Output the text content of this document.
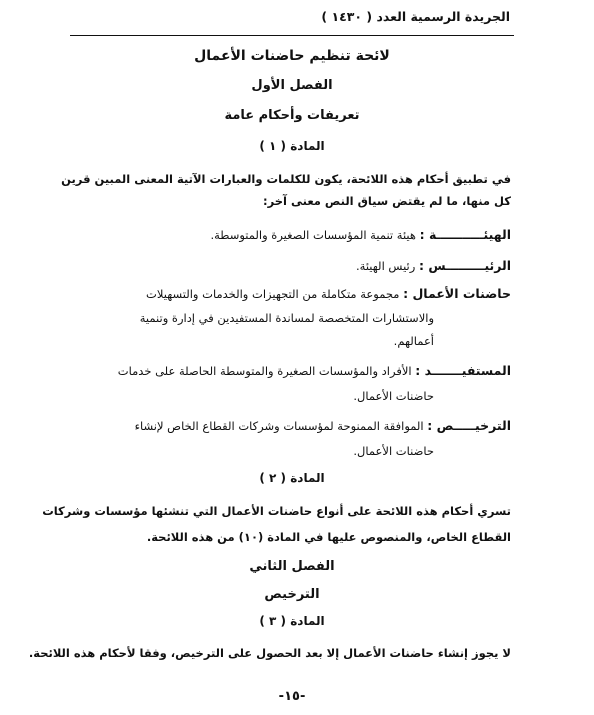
الجريدة الرسمية العدد ( ١٤٣٠ )
لائحة تنظيم حاضنات الأعمال
الفصل الأول
تعريفات وأحكام عامة
المادة ( ١ )
في تطبيق أحكام هذه اللائحة، يكون للكلمات والعبارات الآتية المعنى المبين قرين
كل منها، ما لم يقتض سياق النص معنى آخر:
الهيئـــــــــــة : هيئة تنمية المؤسسات الصغيرة والمتوسطة.
الرئيـــــــــس : رئيس الهيئة.
حاضنات الأعمال : مجموعة متكاملة من التجهيزات والخدمات والتسهيلات
والاستشارات المتخصصة لمساندة المستفيدين في إدارة وتنمية
أعمالهم.
المستفيـــــــد : الأفراد والمؤسسات الصغيرة والمتوسطة الحاصلة على خدمات
حاضنات الأعمال.
الترخيـــــص : الموافقة الممنوحة لمؤسسات وشركات القطاع الخاص لإنشاء
حاضنات الأعمال.
المادة ( ٢ )
تسري أحكام هذه اللائحة على أنواع حاضنات الأعمال التي تنشئها مؤسسات وشركات
القطاع الخاص، والمنصوص عليها في المادة (١٠) من هذه اللائحة.
الفصل الثاني
الترخيص
المادة ( ٣ )
لا يجوز إنشاء حاضنات الأعمال إلا بعد الحصول على الترخيص، وفقا لأحكام هذه اللائحة.
-١٥-
